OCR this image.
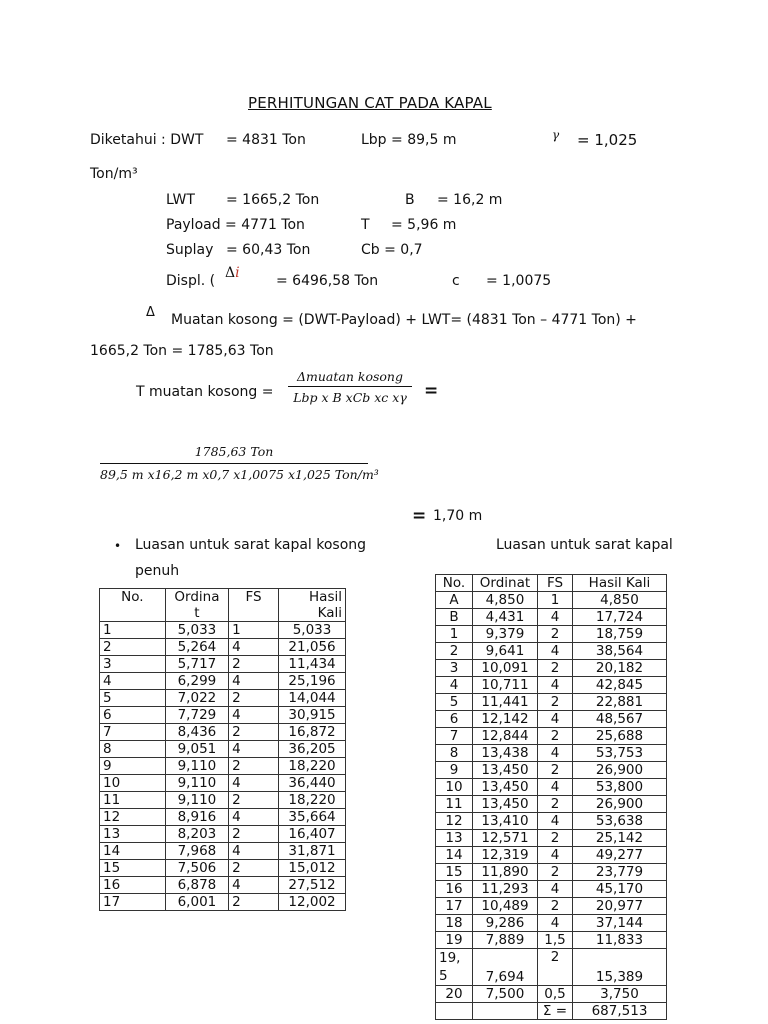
PERHITUNGAN CAT PADA KAPAL
Diketahui : DWT = 4831 Ton	Lbp = 89,5 m	γ = 1,025
Ton/m³
LWT = 1665,2 Ton	B = 16,2 m
Payload = 4771 Ton	T = 5,96 m
Suplay = 60,43 Ton	Cb = 0,7
Displ. ( Δi	= 6496,58 Ton	c = 1,0075
Δ Muatan kosong = (DWT-Payload) + LWT= (4831 Ton – 4771 Ton) +
1665,2 Ton = 1785,63 Ton
T muatan kosong =
Δmuatan kosong
Lbp x B xCb xc xγ	=
1785,63 Ton
89,5 m x16,2 m x0,7 x1,0075 x1,025 Ton/m³
= 1,70 m
• Luasan untuk sarat kapal kosong
penuh
Luasan untuk sarat kapal
No.	Ordina t	FS	Hasil Kali
1	5,033	1	5,033
2	5,264	4	21,056
3	5,717	2	11,434
4	6,299	4	25,196
5	7,022	2	14,044
6	7,729	4	30,915
7	8,436	2	16,872
8	9,051	4	36,205
9	9,110	2	18,220
10	9,110	4	36,440
11	9,110	2	18,220
12	8,916	4	35,664
13	8,203	2	16,407
14	7,968	4	31,871
15	7,506	2	15,012
16	6,878	4	27,512
17	6,001	2	12,002
No.	Ordinat	FS	Hasil Kali
A	4,850	1	4,850
B	4,431	4	17,724
1	9,379	2	18,759
2	9,641	4	38,564
3	10,091	2	20,182
4	10,711	4	42,845
5	11,441	2	22,881
6	12,142	4	48,567
7	12,844	2	25,688
8	13,438	4	53,753
9	13,450	2	26,900
10	13,450	4	53,800
11	13,450	2	26,900
12	13,410	4	53,638
13	12,571	2	25,142
14	12,319	4	49,277
15	11,890	2	23,779
16	11,293	4	45,170
17	10,489	2	20,977
18	9,286	4	37,144
19	7,889	1,5	11,833
19,
5	7,694	2	15,389
20	7,500	0,5	3,750
		Σ =	687,513
